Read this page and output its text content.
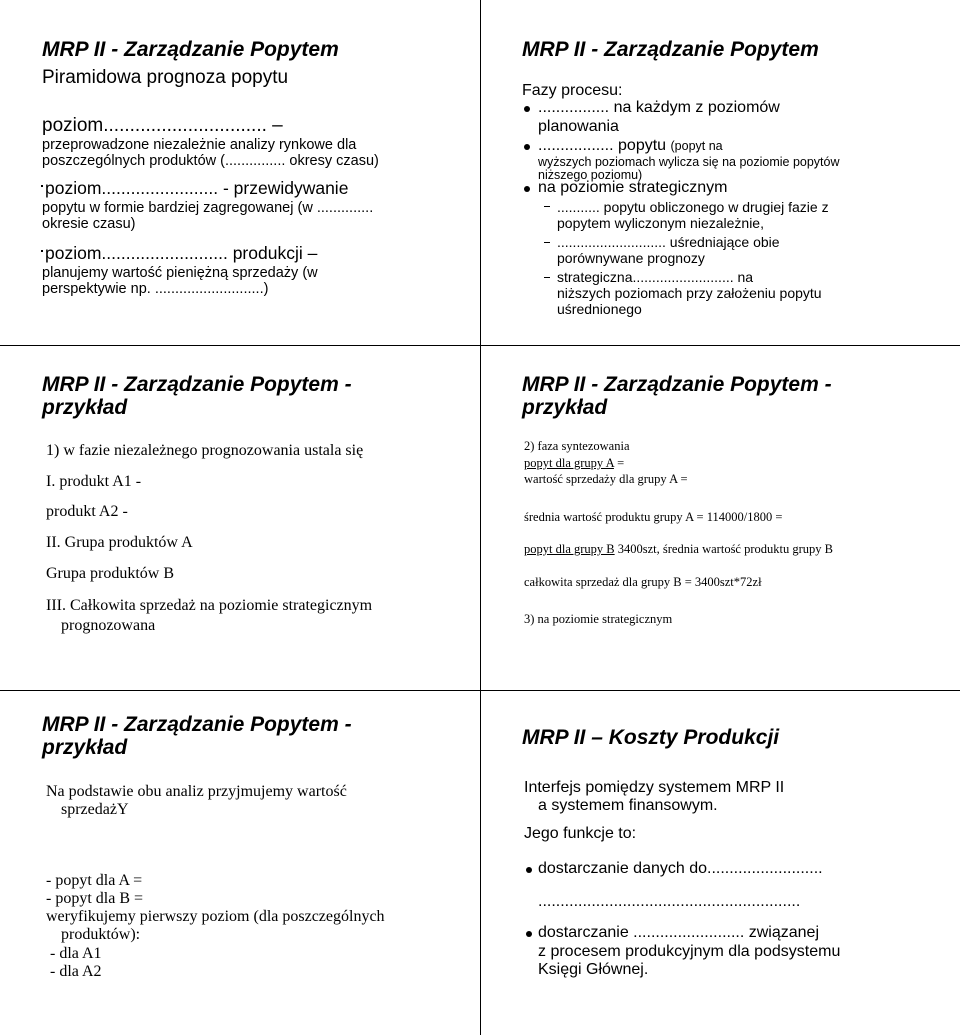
MRP II - Zarządzanie Popytem
Piramidowa prognoza popytu
poziom............................... –
przeprowadzone niezależnie analizy rynkowe dla
poszczególnych produktów (............... okresy czasu)
poziom........................ - przewidywanie
popytu w formie bardziej zagregowanej (w ..............
okresie czasu)
poziom.......................... produkcji –
planujemy wartość pieniężną sprzedaży (w
perspektywie np. ...........................)
MRP II - Zarządzanie Popytem
Fazy procesu:
................ na każdym z poziomów
planowania
................. popytu (popyt na
wyższych poziomach wylicza się na poziomie popytów
niższego poziomu)
na poziomie strategicznym
........... popytu obliczonego w drugiej fazie z
popytem wyliczonym niezależnie,
............................ uśredniające obie
porównywane prognozy
strategiczna.......................... na
niższych poziomach przy założeniu popytu
uśrednionego
MRP II - Zarządzanie Popytem -
przykład
1) w fazie niezależnego prognozowania ustala się
I. produkt A1 -
produkt A2 -
II. Grupa produktów A
Grupa produktów B
III. Całkowita sprzedaż na poziomie strategicznym
prognozowana
MRP II - Zarządzanie Popytem -
przykład
2) faza syntezowania
popyt dla grupy A =
wartość sprzedaży dla grupy A =
średnia wartość produktu grupy A = 114000/1800 =
popyt dla grupy B 3400szt, średnia wartość produktu grupy B
całkowita sprzedaż dla grupy B = 3400szt*72zł
3) na poziomie strategicznym
MRP II - Zarządzanie Popytem -
przykład
Na podstawie obu analiz przyjmujemy wartość
sprzedażY
- popyt dla A =
- popyt dla B =
weryfikujemy pierwszy poziom (dla poszczególnych
produktów):
- dla A1
- dla A2
MRP II – Koszty Produkcji
Interfejs pomiędzy systemem MRP II
a systemem finansowym.
Jego funkcje to:
dostarczanie danych do..........................
...........................................................
dostarczanie ......................... związanej
z procesem produkcyjnym dla podsystemu
Księgi Głównej.
